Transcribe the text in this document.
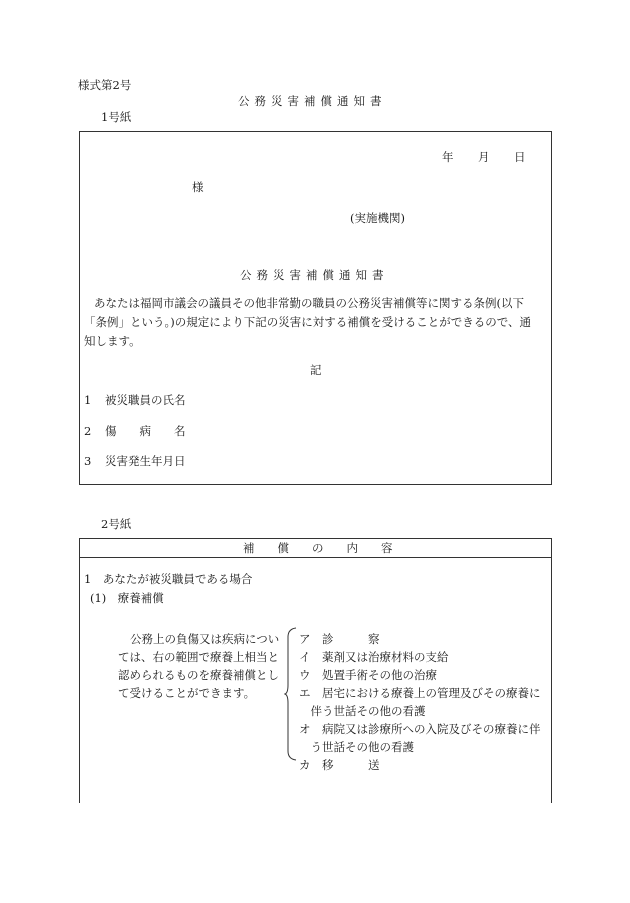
様式第2号
公務災害補償通知書
1号紙
年 月 日
様
(実施機関)
公務災害補償通知書
あなたは福岡市議会の議員その他非常勤の職員の公務災害補償等に関する条例(以下
「条例」という。)の規定により下記の災害に対する補償を受けることができるので、通
知します。
記
1 被災職員の氏名
2 傷　　病　　名
3 災害発生年月日
2号紙
補　　償　　の　　内　　容
1　あなたが被災職員である場合
(1)　療養補償
公務上の負傷又は疾病につい
ては、右の範囲で療養上相当と
認められるものを療養補償とし
て受けることができます。
ア　診　　　察
イ　薬剤又は治療材料の支給
ウ　処置手術その他の治療
エ　居宅における療養上の管理及びその療養に
　伴う世話その他の看護
オ　病院又は診療所への入院及びその療養に伴
　う世話その他の看護
カ　移　　　送
